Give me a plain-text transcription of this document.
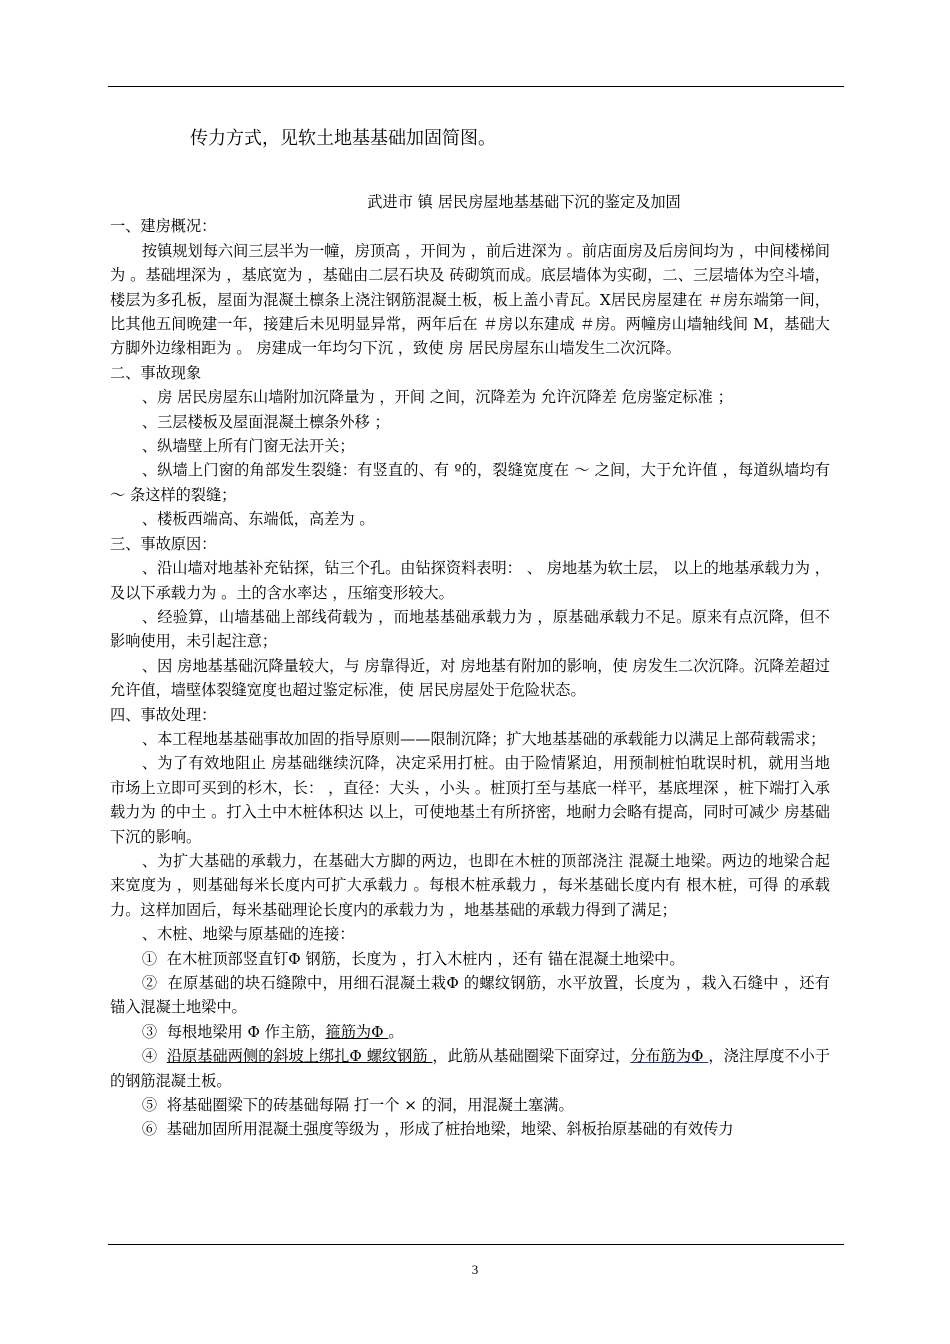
传力方式，见软土地基基础加固简图。
武进市 镇 居民房屋地基基础下沉的鉴定及加固

一、建房概况：

按镇规划每六间三层半为一幢，房顶高 ，开间为 ，前后进深为 。前店面房及后房间均为 ，中间楼梯间为 。基础埋深为 ，基底宽为 ，基础由二层石块及 砖砌筑而成。底层墙体为实砌，二、三层墙体为空斗墙，楼层为多孔板，屋面为混凝土檩条上浇注钢筋混凝土板，板上盖小青瓦。X居民房屋建在 ＃房东端第一间，比其他五间晚建一年，接建后未见明显异常，两年后在 ＃房以东建成 ＃房。两幢房山墙轴线间 M，基础大方脚外边缘相距为 。 房建成一年均匀下沉 ，致使 房 居民房屋东山墙发生二次沉降。

二、事故现象

、房 居民房屋东山墙附加沉降量为 ，开间 之间，沉降差为 允许沉降差 危房鉴定标准 ；

、三层楼板及屋面混凝土檩条外移 ；

、纵墙壁上所有门窗无法开关；

、纵墙上门窗的角部发生裂缝：有竖直的、有 º的，裂缝宽度在 ～ 之间，大于允许值 ，每道纵墙均有 ～ 条这样的裂缝；

、楼板西端高、东端低，高差为 。

三、事故原因：

、沿山墙对地基补充钻探，钻三个孔。由钻探资料表明： 、 房地基为软土层， 以上的地基承载力为 ， 及以下承载力为 。土的含水率达 ，压缩变形较大。

、经验算，山墙基础上部线荷载为 ，而地基基础承载力为 ，原基础承载力不足。原来有点沉降，但不影响使用，未引起注意；

、因 房地基基础沉降量较大，与 房靠得近，对 房地基有附加的影响，使 房发生二次沉降。沉降差超过允许值，墙壁体裂缝宽度也超过鉴定标准，使 居民房屋处于危险状态。

四、事故处理：

、本工程地基基础事故加固的指导原则——限制沉降；扩大地基基础的承载能力以满足上部荷载需求；

、为了有效地阻止 房基础继续沉降，决定采用打桩。由于险情紧迫，用预制桩怕耽误时机，就用当地市场上立即可买到的杉木，长： ，直径：大头 ，小头 。桩顶打至与基底一样平，基底埋深 ，桩下端打入承载力为 的中土 。打入土中木桩体积达 以上，可使地基土有所挤密，地耐力会略有提高，同时可减少 房基础下沉的影响。

、为扩大基础的承载力，在基础大方脚的两边，也即在木桩的顶部浇注 混凝土地梁。两边的地梁合起来宽度为 ，则基础每米长度内可扩大承载力 。每根木桩承载力 ，每米基础长度内有 根木桩，可得 的承载力。这样加固后，每米基础理论长度内的承载力为 ，地基基础的承载力得到了满足；

、木桩、地梁与原基础的连接：

① 在木桩顶部竖直钉Φ 钢筋，长度为 ，打入木桩内 ，还有 锚在混凝土地梁中。

② 在原基础的块石缝隙中，用细石混凝土栽Φ 的螺纹钢筋，水平放置，长度为 ，栽入石缝中 ，还有 锚入混凝土地梁中。

③ 每根地梁用 Φ 作主筋，箍筋为Φ 。

④ 沿原基础两侧的斜坡上绑扎Φ 螺纹钢筋 ，此筋从基础圈梁下面穿过，分布筋为Φ ，浇注厚度不小于 的钢筋混凝土板。

⑤ 将基础圈梁下的砖基础每隔 打一个 × 的洞，用混凝土塞满。

⑥ 基础加固所用混凝土强度等级为 ，形成了桩抬地梁，地梁、斜板抬原基础的有效传力

3
